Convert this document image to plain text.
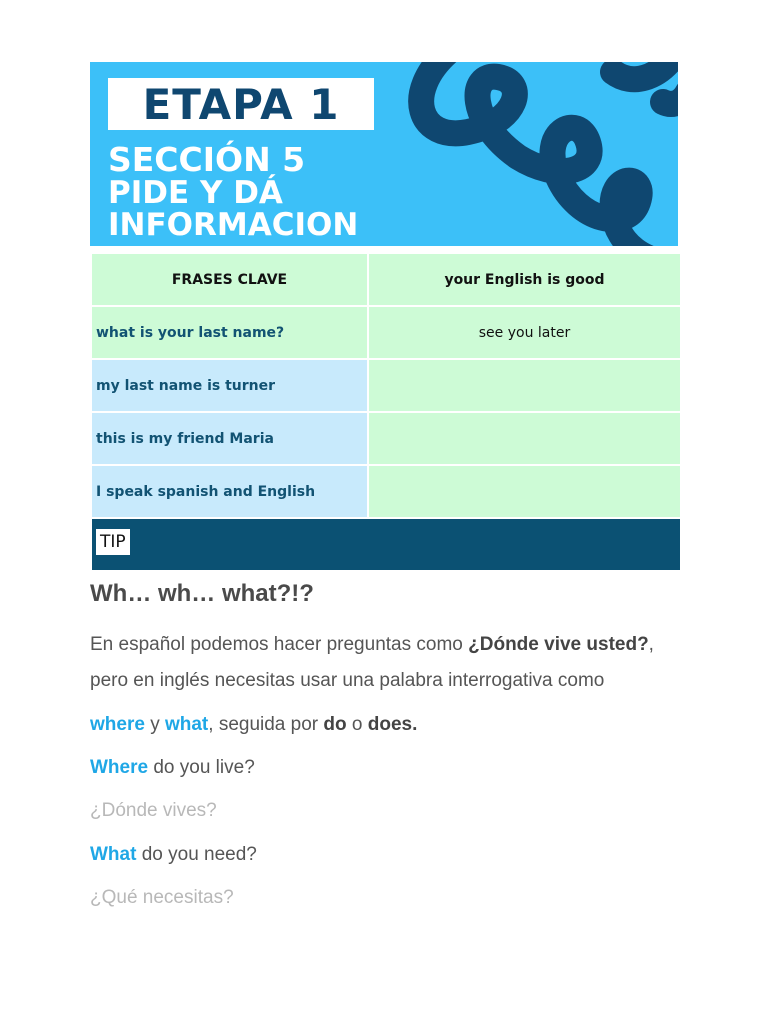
ETAPA 1
SECCIÓN 5
PIDE Y DÁ
INFORMACION
FRASES CLAVE	your English is good
what is your last name?	see you later
my last name is turner
this is my friend Maria
I speak spanish and English
TIP
Wh… wh… what?!?
En español podemos hacer preguntas como ¿Dónde vive usted?,
pero en inglés necesitas usar una palabra interrogativa como
where y what, seguida por do o does.
Where do you live?
¿Dónde vives?
What do you need?
¿Qué necesitas?
